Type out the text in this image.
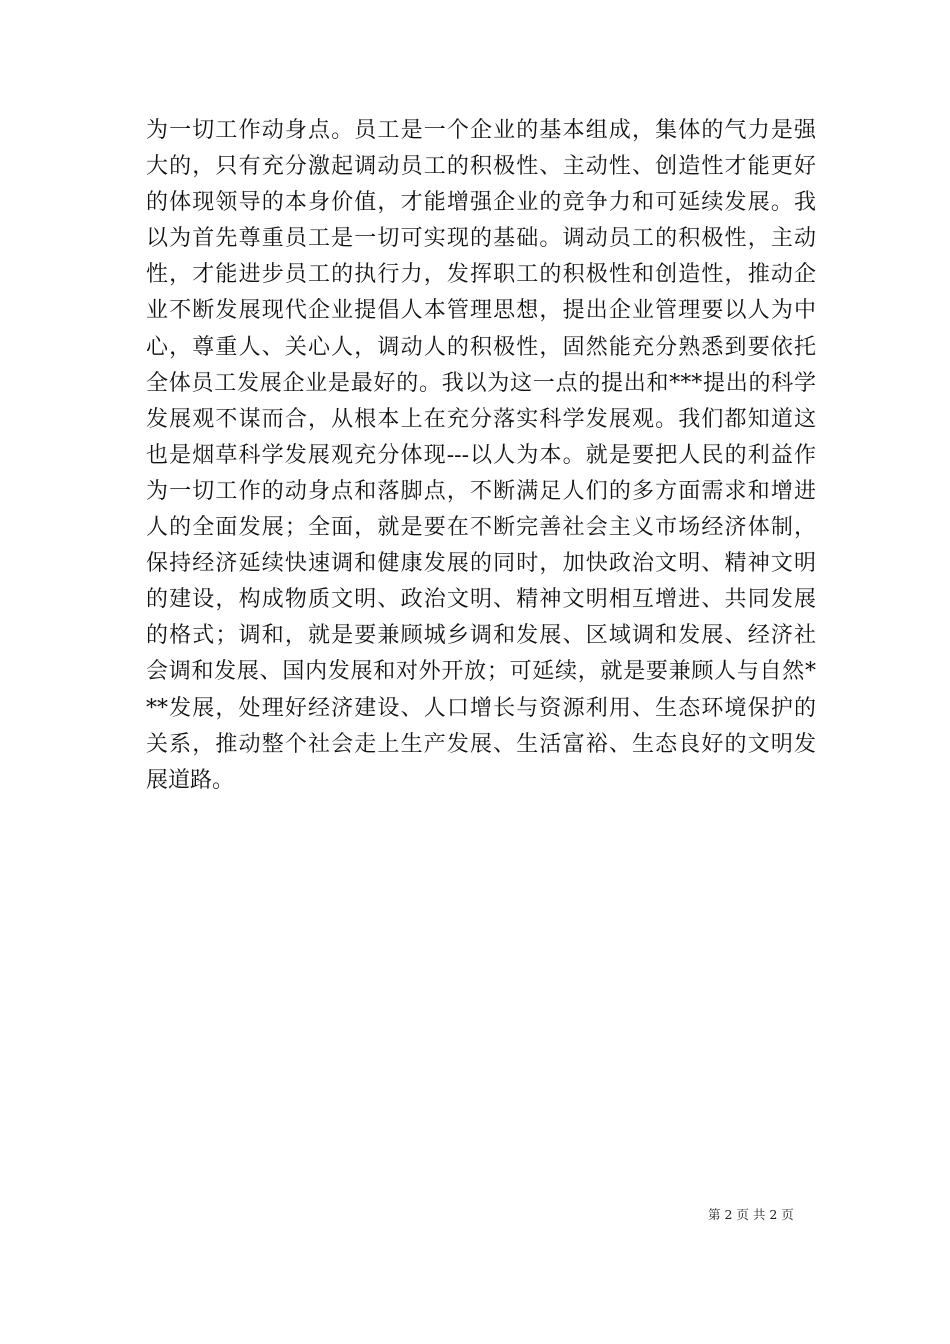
为一切工作动身点。员工是一个企业的基本组成，集体的气力是强
大的，只有充分激起调动员工的积极性、主动性、创造性才能更好
的体现领导的本身价值，才能增强企业的竞争力和可延续发展。我
以为首先尊重员工是一切可实现的基础。调动员工的积极性，主动
性，才能进步员工的执行力，发挥职工的积极性和创造性，推动企
业不断发展现代企业提倡人本管理思想，提出企业管理要以人为中
心，尊重人、关心人，调动人的积极性，固然能充分熟悉到要依托
全体员工发展企业是最好的。我以为这一点的提出和***提出的科学
发展观不谋而合，从根本上在充分落实科学发展观。我们都知道这
也是烟草科学发展观充分体现---以人为本。就是要把人民的利益作
为一切工作的动身点和落脚点，不断满足人们的多方面需求和增进
人的全面发展；全面，就是要在不断完善社会主义市场经济体制，
保持经济延续快速调和健康发展的同时，加快政治文明、精神文明
的建设，构成物质文明、政治文明、精神文明相互增进、共同发展
的格式；调和，就是要兼顾城乡调和发展、区域调和发展、经济社
会调和发展、国内发展和对外开放；可延续，就是要兼顾人与自然*
**发展，处理好经济建设、人口增长与资源利用、生态环境保护的
关系，推动整个社会走上生产发展、生活富裕、生态良好的文明发
展道路。
第 2 页 共 2 页
